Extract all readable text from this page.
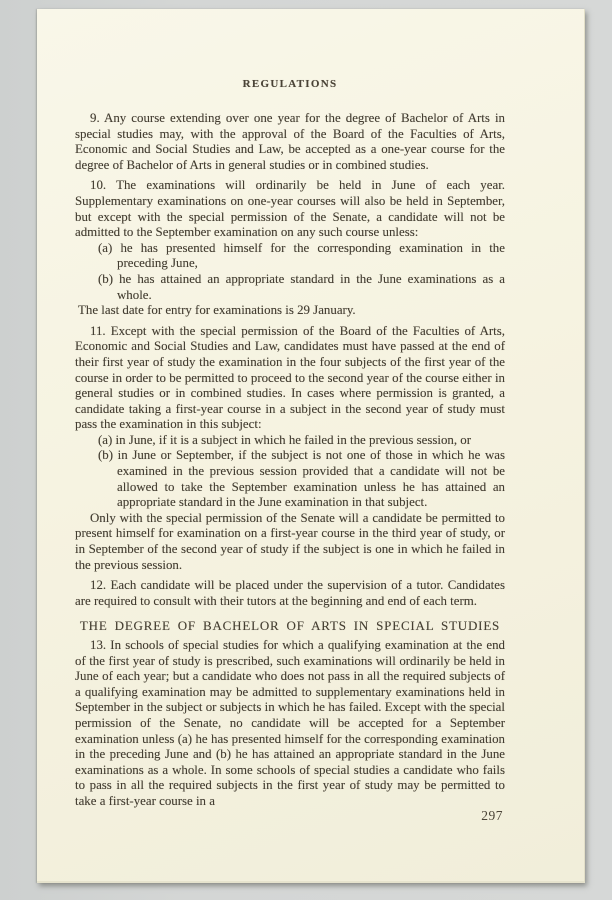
REGULATIONS

9. Any course extending over one year for the degree of Bachelor of Arts in special studies may, with the approval of the Board of the Faculties of Arts, Economic and Social Studies and Law, be accepted as a one-year course for the degree of Bachelor of Arts in general studies or in combined studies.

10. The examinations will ordinarily be held in June of each year. Supplementary examinations on one-year courses will also be held in September, but except with the special permission of the Senate, a candidate will not be admitted to the September examination on any such course unless:

(a) he has presented himself for the corresponding examination in the preceding June,

(b) he has attained an appropriate standard in the June examinations as a whole.

The last date for entry for examinations is 29 January.

11. Except with the special permission of the Board of the Faculties of Arts, Economic and Social Studies and Law, candidates must have passed at the end of their first year of study the examination in the four subjects of the first year of the course in order to be permitted to proceed to the second year of the course either in general studies or in combined studies. In cases where permission is granted, a candidate taking a first-year course in a subject in the second year of study must pass the examination in this subject:

(a) in June, if it is a subject in which he failed in the previous session, or

(b) in June or September, if the subject is not one of those in which he was examined in the previous session provided that a candidate will not be allowed to take the September examination unless he has attained an appropriate standard in the June examination in that subject.

Only with the special permission of the Senate will a candidate be permitted to present himself for examination on a first-year course in the third year of study, or in September of the second year of study if the subject is one in which he failed in the previous session.

12. Each candidate will be placed under the supervision of a tutor. Candidates are required to consult with their tutors at the beginning and end of each term.

THE DEGREE OF BACHELOR OF ARTS IN SPECIAL STUDIES

13. In schools of special studies for which a qualifying examination at the end of the first year of study is prescribed, such examinations will ordinarily be held in June of each year; but a candidate who does not pass in all the required subjects of a qualifying examination may be admitted to supplementary examinations held in September in the subject or subjects in which he has failed. Except with the special permission of the Senate, no candidate will be accepted for a September examination unless (a) he has presented himself for the corresponding examination in the preceding June and (b) he has attained an appropriate standard in the June examinations as a whole. In some schools of special studies a candidate who fails to pass in all the required subjects in the first year of study may be permitted to take a first-year course in a

297
